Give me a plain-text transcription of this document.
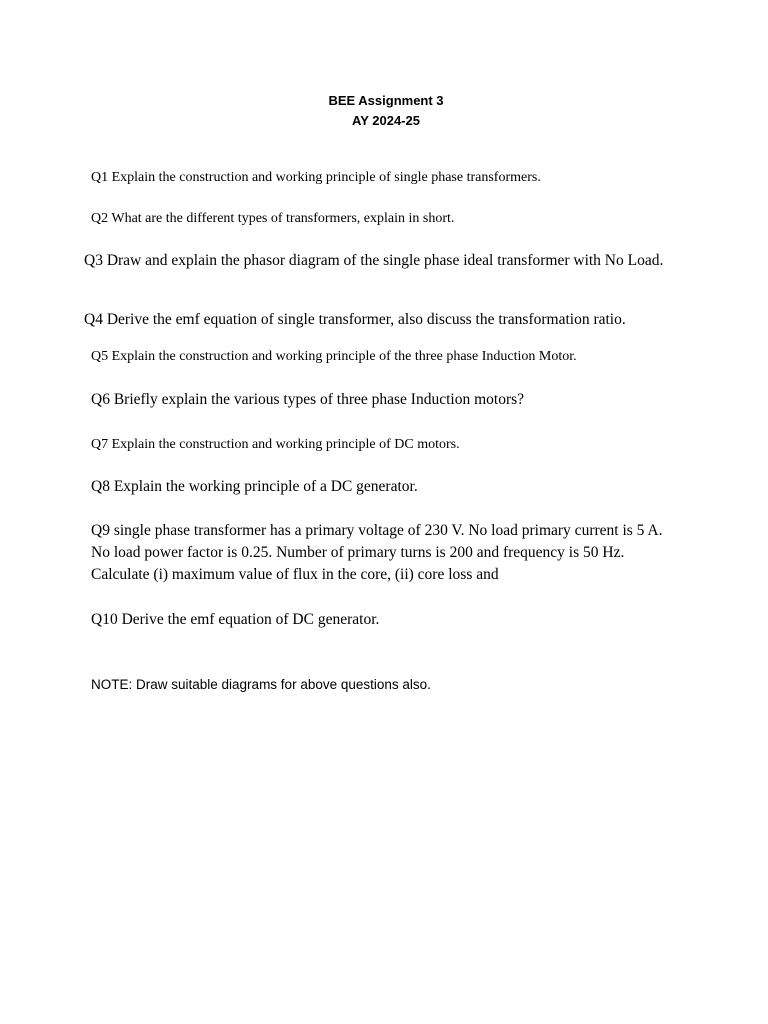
BEE Assignment 3
AY 2024-25
Q1 Explain the construction and working principle of single phase transformers.
Q2 What are the different types of transformers, explain in short.
Q3 Draw and explain the phasor diagram of the single phase ideal transformer with No Load.
Q4 Derive the emf equation of single transformer, also discuss the transformation ratio.
Q5 Explain the construction and working principle of the three phase Induction Motor.
Q6 Briefly explain the various types of three phase Induction motors?
Q7 Explain the construction and working principle of DC motors.
Q8 Explain the working principle of a DC generator.
Q9 single phase transformer has a primary voltage of 230 V. No load primary current is 5 A. No load power factor is 0.25. Number of primary turns is 200 and frequency is 50 Hz. Calculate (i) maximum value of flux in the core, (ii) core loss and
Q10 Derive the emf equation of DC generator.
NOTE: Draw suitable diagrams for above questions also.
